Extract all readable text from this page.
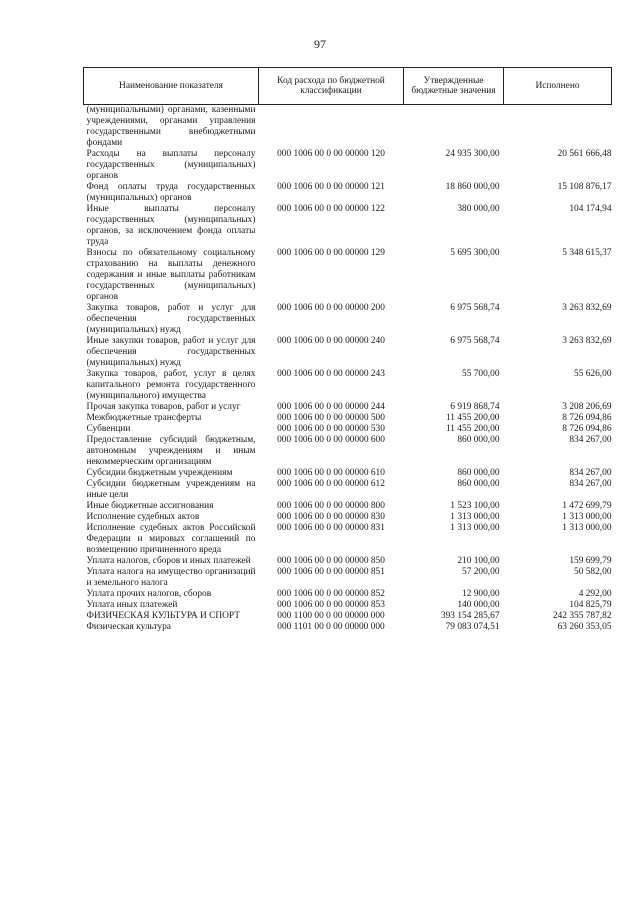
97
Наименование показателя	Код расхода по бюджетной классификации	Утвержденные бюджетные значения	Исполнено
(муниципальными) органами, казенными учреждениями, органами управления государственными внебюджетными фондами			
Расходы на выплаты персоналу государственных (муниципальных) органов	000 1006 00 0 00 00000 120	24 935 300,00	20 561 666,48
Фонд оплаты труда государственных (муниципальных) органов	000 1006 00 0 00 00000 121	18 860 000,00	15 108 876,17
Иные выплаты персоналу государственных (муниципальных) органов, за исключением фонда оплаты труда	000 1006 00 0 00 00000 122	380 000,00	104 174,94
Взносы по обязательному социальному страхованию на выплаты денежного содержания и иные выплаты работникам государственных (муниципальных) органов	000 1006 00 0 00 00000 129	5 695 300,00	5 348 615,37
Закупка товаров, работ и услуг для обеспечения государственных (муниципальных) нужд	000 1006 00 0 00 00000 200	6 975 568,74	3 263 832,69
Иные закупки товаров, работ и услуг для обеспечения государственных (муниципальных) нужд	000 1006 00 0 00 00000 240	6 975 568,74	3 263 832,69
Закупка товаров, работ, услуг в целях капитального ремонта государственного (муниципального) имущества	000 1006 00 0 00 00000 243	55 700,00	55 626,00
Прочая закупка товаров, работ и услуг	000 1006 00 0 00 00000 244	6 919 868,74	3 208 206,69
Межбюджетные трансферты	000 1006 00 0 00 00000 500	11 455 200,00	8 726 094,86
Субвенции	000 1006 00 0 00 00000 530	11 455 200,00	8 726 094,86
Предоставление субсидий бюджетным, автономным учреждениям и иным некоммерческим организациям	000 1006 00 0 00 00000 600	860 000,00	834 267,00
Субсидии бюджетным учреждениям	000 1006 00 0 00 00000 610	860 000,00	834 267,00
Субсидии бюджетным учреждениям на иные цели	000 1006 00 0 00 00000 612	860 000,00	834 267,00
Иные бюджетные ассигнования	000 1006 00 0 00 00000 800	1 523 100,00	1 472 699,79
Исполнение судебных актов	000 1006 00 0 00 00000 830	1 313 000,00	1 313 000,00
Исполнение судебных актов Российской Федерации и мировых соглашений по возмещению причиненного вреда	000 1006 00 0 00 00000 831	1 313 000,00	1 313 000,00
Уплата налогов, сборов и иных платежей	000 1006 00 0 00 00000 850	210 100,00	159 699,79
Уплата налога на имущество организаций и земельного налога	000 1006 00 0 00 00000 851	57 200,00	50 582,00
Уплата прочих налогов, сборов	000 1006 00 0 00 00000 852	12 900,00	4 292,00
Уплата иных платежей	000 1006 00 0 00 00000 853	140 000,00	104 825,79
ФИЗИЧЕСКАЯ КУЛЬТУРА И СПОРТ	000 1100 00 0 00 00000 000	393 154 285,67	242 355 787,82
Физическая культура	000 1101 00 0 00 00000 000	79 083 074,51	63 260 353,05
